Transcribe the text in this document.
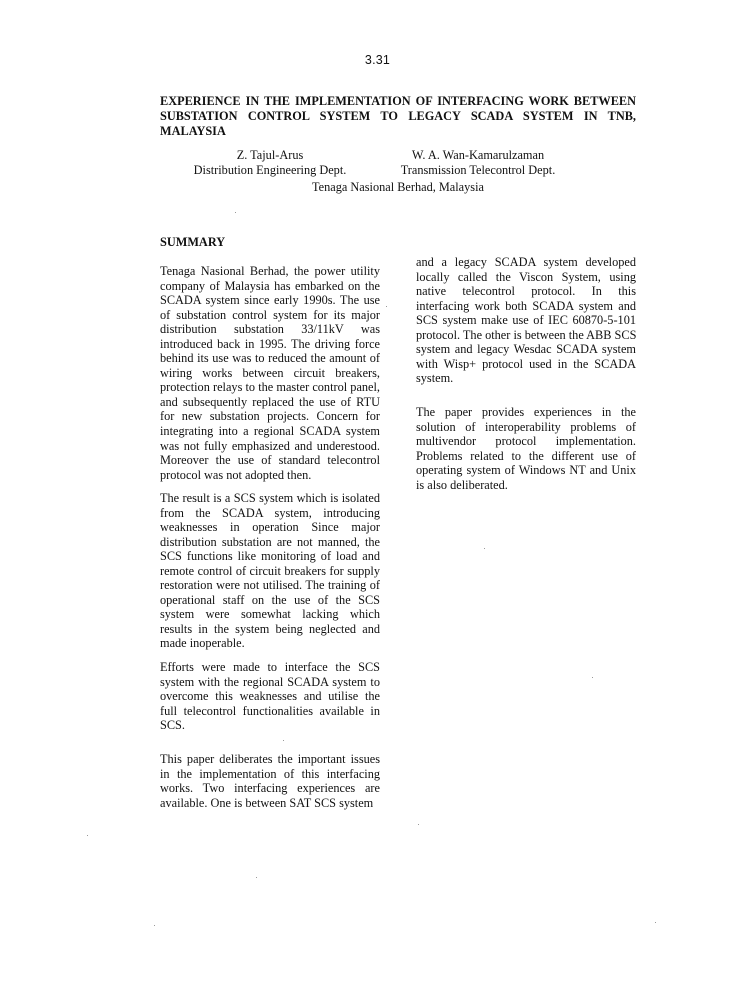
3.31
EXPERIENCE IN THE IMPLEMENTATION OF INTERFACING WORK BETWEEN
SUBSTATION CONTROL SYSTEM TO LEGACY SCADA SYSTEM IN TNB,
MALAYSIA
Z. Tajul-Arus
Distribution Engineering Dept.
W. A. Wan-Kamarulzaman
Transmission Telecontrol Dept.
Tenaga Nasional Berhad, Malaysia
SUMMARY
Tenaga Nasional Berhad, the power utility
company of Malaysia has embarked on the
SCADA system since early 1990s. The use
of substation control system for its major
distribution substation 33/11kV was
introduced back in 1995. The driving force
behind its use was to reduced the amount of
wiring works between circuit breakers,
protection relays to the master control panel,
and subsequently replaced the use of RTU
for new substation projects. Concern for
integrating into a regional SCADA system
was not fully emphasized and underestood.
Moreover the use of standard telecontrol
protocol was not adopted then.
The result is a SCS system which is isolated
from the SCADA system, introducing
weaknesses in operation Since major
distribution substation are not manned, the
SCS functions like monitoring of load and
remote control of circuit breakers for supply
restoration were not utilised. The training of
operational staff on the use of the SCS
system were somewhat lacking which
results in the system being neglected and
made inoperable.
Efforts were made to interface the SCS
system with the regional SCADA system to
overcome this weaknesses and utilise the
full telecontrol functionalities available in
SCS.
This paper deliberates the important issues
in the implementation of this interfacing
works. Two interfacing experiences are
available. One is between SAT SCS system
and a legacy SCADA system developed
locally called the Viscon System, using
native telecontrol protocol. In this
interfacing work both SCADA system and
SCS system make use of IEC 60870-5-101
protocol. The other is between the ABB SCS
system and legacy Wesdac SCADA system
with Wisp+ protocol used in the SCADA
system.
The paper provides experiences in the
solution of interoperability problems of
multivendor protocol implementation.
Problems related to the different use of
operating system of Windows NT and Unix
is also deliberated.
